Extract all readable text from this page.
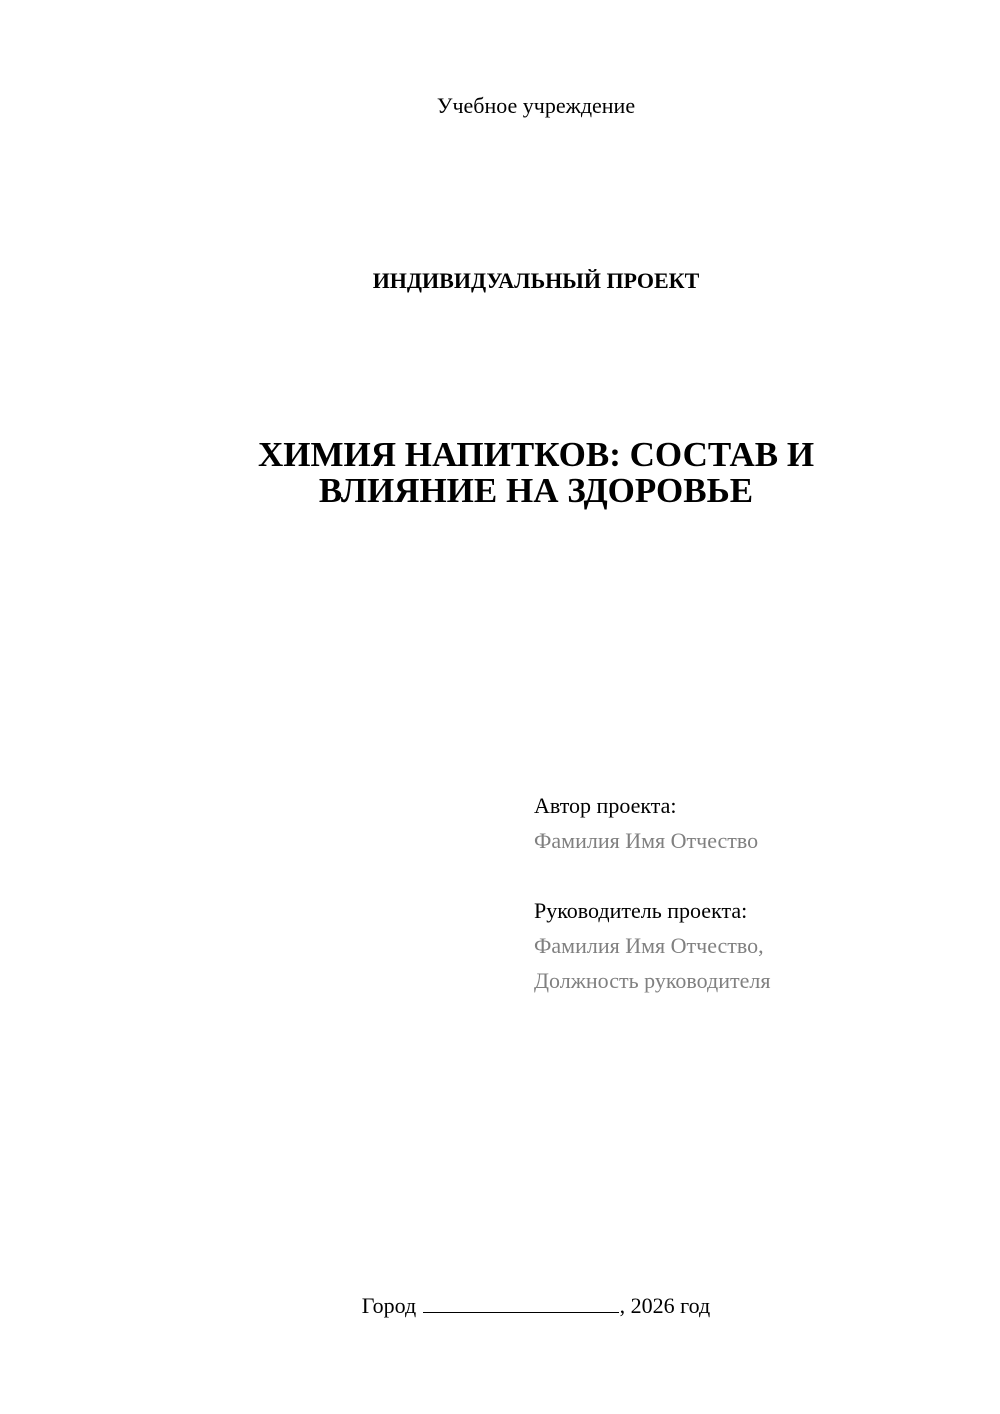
Учебное учреждение
ИНДИВИДУАЛЬНЫЙ ПРОЕКТ
ХИМИЯ НАПИТКОВ: СОСТАВ И
ВЛИЯНИЕ НА ЗДОРОВЬЕ
Автор проекта:
Фамилия Имя Отчество
Руководитель проекта:
Фамилия Имя Отчество,
Должность руководителя
Город	, 2026 год
